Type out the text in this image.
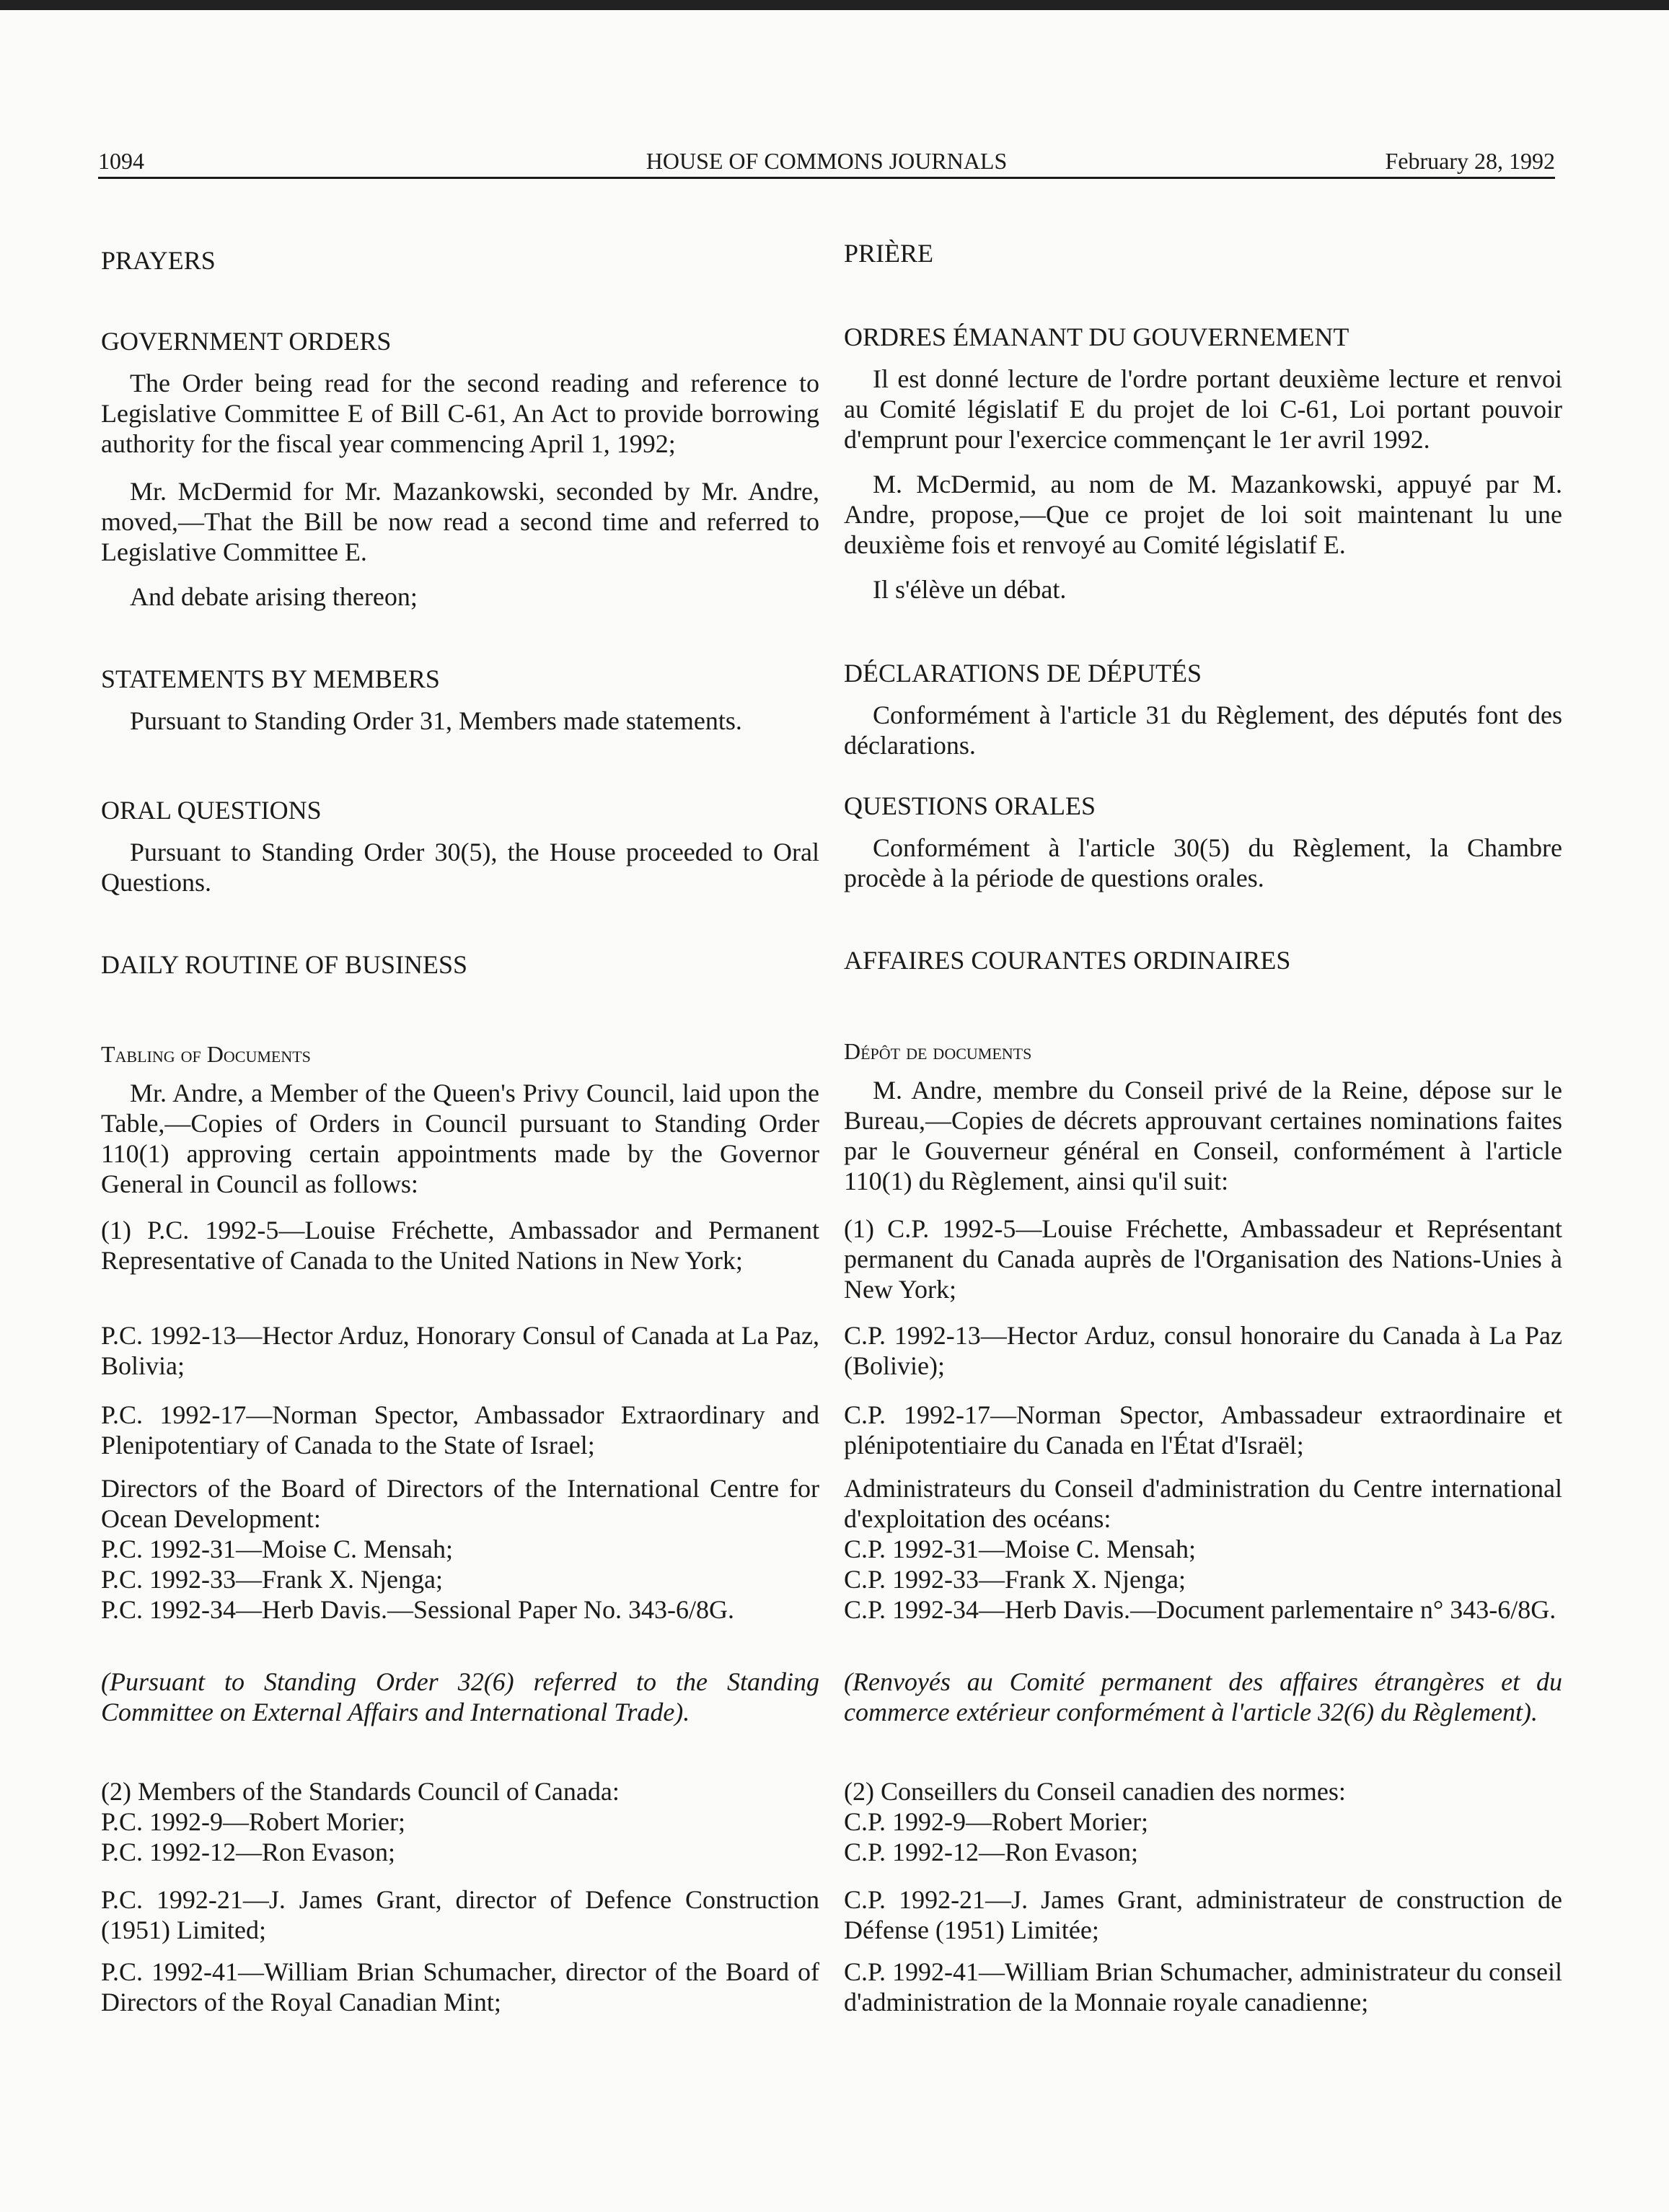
1094	HOUSE OF COMMONS JOURNALS	February 28, 1992

PRAYERS

GOVERNMENT ORDERS

The Order being read for the second reading and reference to Legislative Committee E of Bill C-61, An Act to provide borrowing authority for the fiscal year commencing April 1, 1992;

Mr. McDermid for Mr. Mazankowski, seconded by Mr. Andre, moved,—That the Bill be now read a second time and referred to Legislative Committee E.

And debate arising thereon;

STATEMENTS BY MEMBERS

Pursuant to Standing Order 31, Members made statements.

ORAL QUESTIONS

Pursuant to Standing Order 30(5), the House proceeded to Oral Questions.

DAILY ROUTINE OF BUSINESS

Tabling of Documents

Mr. Andre, a Member of the Queen's Privy Council, laid upon the Table,—Copies of Orders in Council pursuant to Standing Order 110(1) approving certain appointments made by the Governor General in Council as follows:

(1) P.C. 1992-5—Louise Fréchette, Ambassador and Permanent Representative of Canada to the United Nations in New York;

P.C. 1992-13—Hector Arduz, Honorary Consul of Canada at La Paz, Bolivia;

P.C. 1992-17—Norman Spector, Ambassador Extraordinary and Plenipotentiary of Canada to the State of Israel;

Directors of the Board of Directors of the International Centre for Ocean Development:

P.C. 1992-31—Moise C. Mensah;

P.C. 1992-33—Frank X. Njenga;

P.C. 1992-34—Herb Davis.—Sessional Paper No. 343-6/8G.

(Pursuant to Standing Order 32(6) referred to the Standing Committee on External Affairs and International Trade).

(2) Members of the Standards Council of Canada:

P.C. 1992-9—Robert Morier;

P.C. 1992-12—Ron Evason;

P.C. 1992-21—J. James Grant, director of Defence Construction (1951) Limited;

P.C. 1992-41—William Brian Schumacher, director of the Board of Directors of the Royal Canadian Mint;

PRIÈRE

ORDRES ÉMANANT DU GOUVERNEMENT

Il est donné lecture de l'ordre portant deuxième lecture et renvoi au Comité législatif E du projet de loi C-61, Loi portant pouvoir d'emprunt pour l'exercice commençant le 1er avril 1992.

M. McDermid, au nom de M. Mazankowski, appuyé par M. Andre, propose,—Que ce projet de loi soit maintenant lu une deuxième fois et renvoyé au Comité législatif E.

Il s'élève un débat.

DÉCLARATIONS DE DÉPUTÉS

Conformément à l'article 31 du Règlement, des députés font des déclarations.

QUESTIONS ORALES

Conformément à l'article 30(5) du Règlement, la Chambre procède à la période de questions orales.

AFFAIRES COURANTES ORDINAIRES

Dépôt de documents

M. Andre, membre du Conseil privé de la Reine, dépose sur le Bureau,—Copies de décrets approuvant certaines nominations faites par le Gouverneur général en Conseil, conformément à l'article 110(1) du Règlement, ainsi qu'il suit:

(1) C.P. 1992-5—Louise Fréchette, Ambassadeur et Représentant permanent du Canada auprès de l'Organisation des Nations-Unies à New York;

C.P. 1992-13—Hector Arduz, consul honoraire du Canada à La Paz (Bolivie);

C.P. 1992-17—Norman Spector, Ambassadeur extraordinaire et plénipotentiaire du Canada en l'État d'Israël;

Administrateurs du Conseil d'administration du Centre international d'exploitation des océans:

C.P. 1992-31—Moise C. Mensah;

C.P. 1992-33—Frank X. Njenga;

C.P. 1992-34—Herb Davis.—Document parlementaire n° 343-6/8G.

(Renvoyés au Comité permanent des affaires étrangères et du commerce extérieur conformément à l'article 32(6) du Règlement).

(2) Conseillers du Conseil canadien des normes:

C.P. 1992-9—Robert Morier;

C.P. 1992-12—Ron Evason;

C.P. 1992-21—J. James Grant, administrateur de construction de Défense (1951) Limitée;

C.P. 1992-41—William Brian Schumacher, administrateur du conseil d'administration de la Monnaie royale canadienne;
